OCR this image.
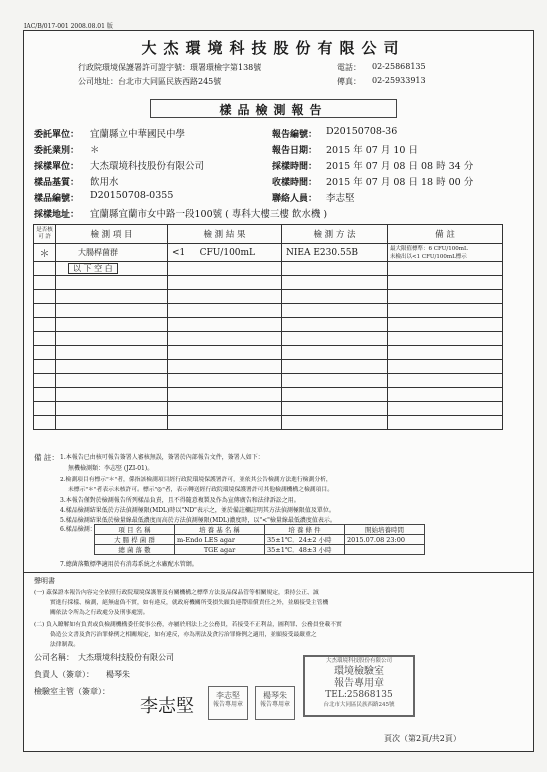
IAC/B/017-001 2008.08.01 版
大杰環境科技股份有限公司
行政院環境保護署許可證字號：環署環檢字第138號	電話： 02-25868135
公司地址：台北市大同區民族西路245號	傳真： 02-25933913
樣品檢測報告
委託單位： 宜蘭縣立中華國民中學
委託業別： ＊
採樣單位： 大杰環境科技股份有限公司
樣品基質： 飲用水
樣品編號： D20150708-0355
採樣地址： 宜蘭縣宜蘭市女中路一段100號 ( 專科大樓三樓 飲水機 )
報告編號： D20150708-36
報告日期： 2015 年 07 月 10 日
採樣時間： 2015 年 07 月 08 日 08 時 34 分
收樣時間： 2015 年 07 月 08 日 18 時 00 分
聯絡人員： 李志堅
是否核
可 許	檢 測 項 目	檢 測 結 果	檢 測 方 法	備 註
＊	大腸桿菌群	<1 CFU/100mL	NIEA E230.55B	最大限值標準：6 CFU/100mL
未檢出以<1 CFU/100mL標示
	以 下 空 白			

備 註： 1.本報告已由核可報告簽署人審核無誤，簽署於內部報告文件，簽署人如下：
無機檢測類：李志堅 (JZI-01)。
2.檢測項目有標示"＊"者，係指該檢測項目經行政院環境保護署許可，並依其公告檢測方法進行檢測分析，
未標示"＊"者表示未核許可。標示"◎"者，表示轉送經行政院環境保護署許可其他檢測機構之檢測項目。
3.本報告僅對於檢測報告所列樣品負責，且不得隨意複製及作為宣傳廣告和法律訴訟之用。
4.樣品檢測結果低於方法偵測極限(MDL)時以"ND"表示之，並於備註欄註明其方法偵測極限值及單位。
5.樣品檢測結果低於檢量線最低濃度而高於方法偵測極限(MDL)濃度時，以"<"檢量線最低濃度值表示。
6.樣品檢測：	項 目 名 稱	培 養 基 名 稱	培 養 條 件	開始培養時間
大 腸 桿 菌 群	m-Endo LES agar	35±1℃．24±2 小時	2015.07.08 23:00
總 菌 落 數	TGE agar	35±1℃．48±3 小時	
7.總菌落數標準適用於有消毒系統之水廠配水管網。
聲明書
(一) 茲保證本報告內容完全依照行政院環境保護署及有關機構之標準方法及品保品管等相關規定，秉持公正、誠
實進行採樣、檢測，絕無虛偽不實，如有違反，就政府機關所受損失願負連帶賠償責任之外，並願接受主管機
關依法令所為之行政處分及刑事處罰。
(二) 負入瞭解如有負責或負檢測機構委任從事公務，亦屬於刑法上之公務員，若接受不正利益，圖利罪、公務員登載不實
偽造公文書及貪污治罪條例之相關規定，如有違反，亦為刑法及貪污治罪條例之適用，並願接受最嚴重之
法律制裁。
公司名稱： 大杰環境科技股份有限公司
負責人（簽章）： 楊琴朱
檢驗室主管（簽章）：
李志堅
李志堅
報告專用章
楊琴朱
報告專用章
大杰環境科技股份有限公司
環境檢驗室
報告專用章
TEL:25868135
台北市大同區民族西路245號
頁次（第2頁/共2頁）
